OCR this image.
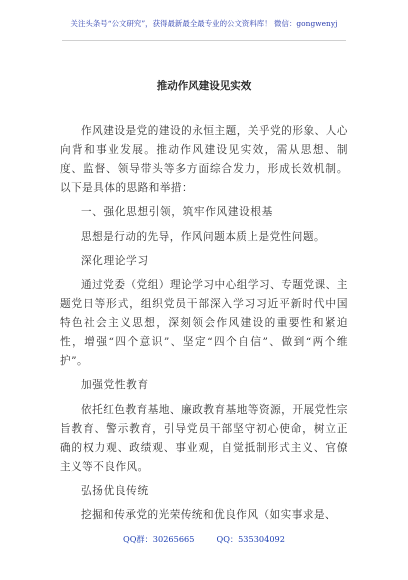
关注头条号“公文研究”，获得最新最全最专业的公文资料库！ 微信：gongwenyj
推动作风建设见实效

作风建设是党的建设的永恒主题，关乎党的形象、人心向背和事业发展。推动作风建设见实效，需从思想、制度、监督、领导带头等多方面综合发力，形成长效机制。以下是具体的思路和举措：

一、强化思想引领，筑牢作风建设根基

思想是行动的先导，作风问题本质上是党性问题。

深化理论学习

通过党委（党组）理论学习中心组学习、专题党课、主题党日等形式，组织党员干部深入学习习近平新时代中国特色社会主义思想，深刻领会作风建设的重要性和紧迫性，增强“四个意识”、坚定“四个自信”、做到“两个维护”。

加强党性教育

依托红色教育基地、廉政教育基地等资源，开展党性宗旨教育、警示教育，引导党员干部坚守初心使命，树立正确的权力观、政绩观、事业观，自觉抵制形式主义、官僚主义等不良作风。

弘扬优良传统

挖掘和传承党的光荣传统和优良作风（如实事求是、

QQ群：30265665	QQ：535304092
